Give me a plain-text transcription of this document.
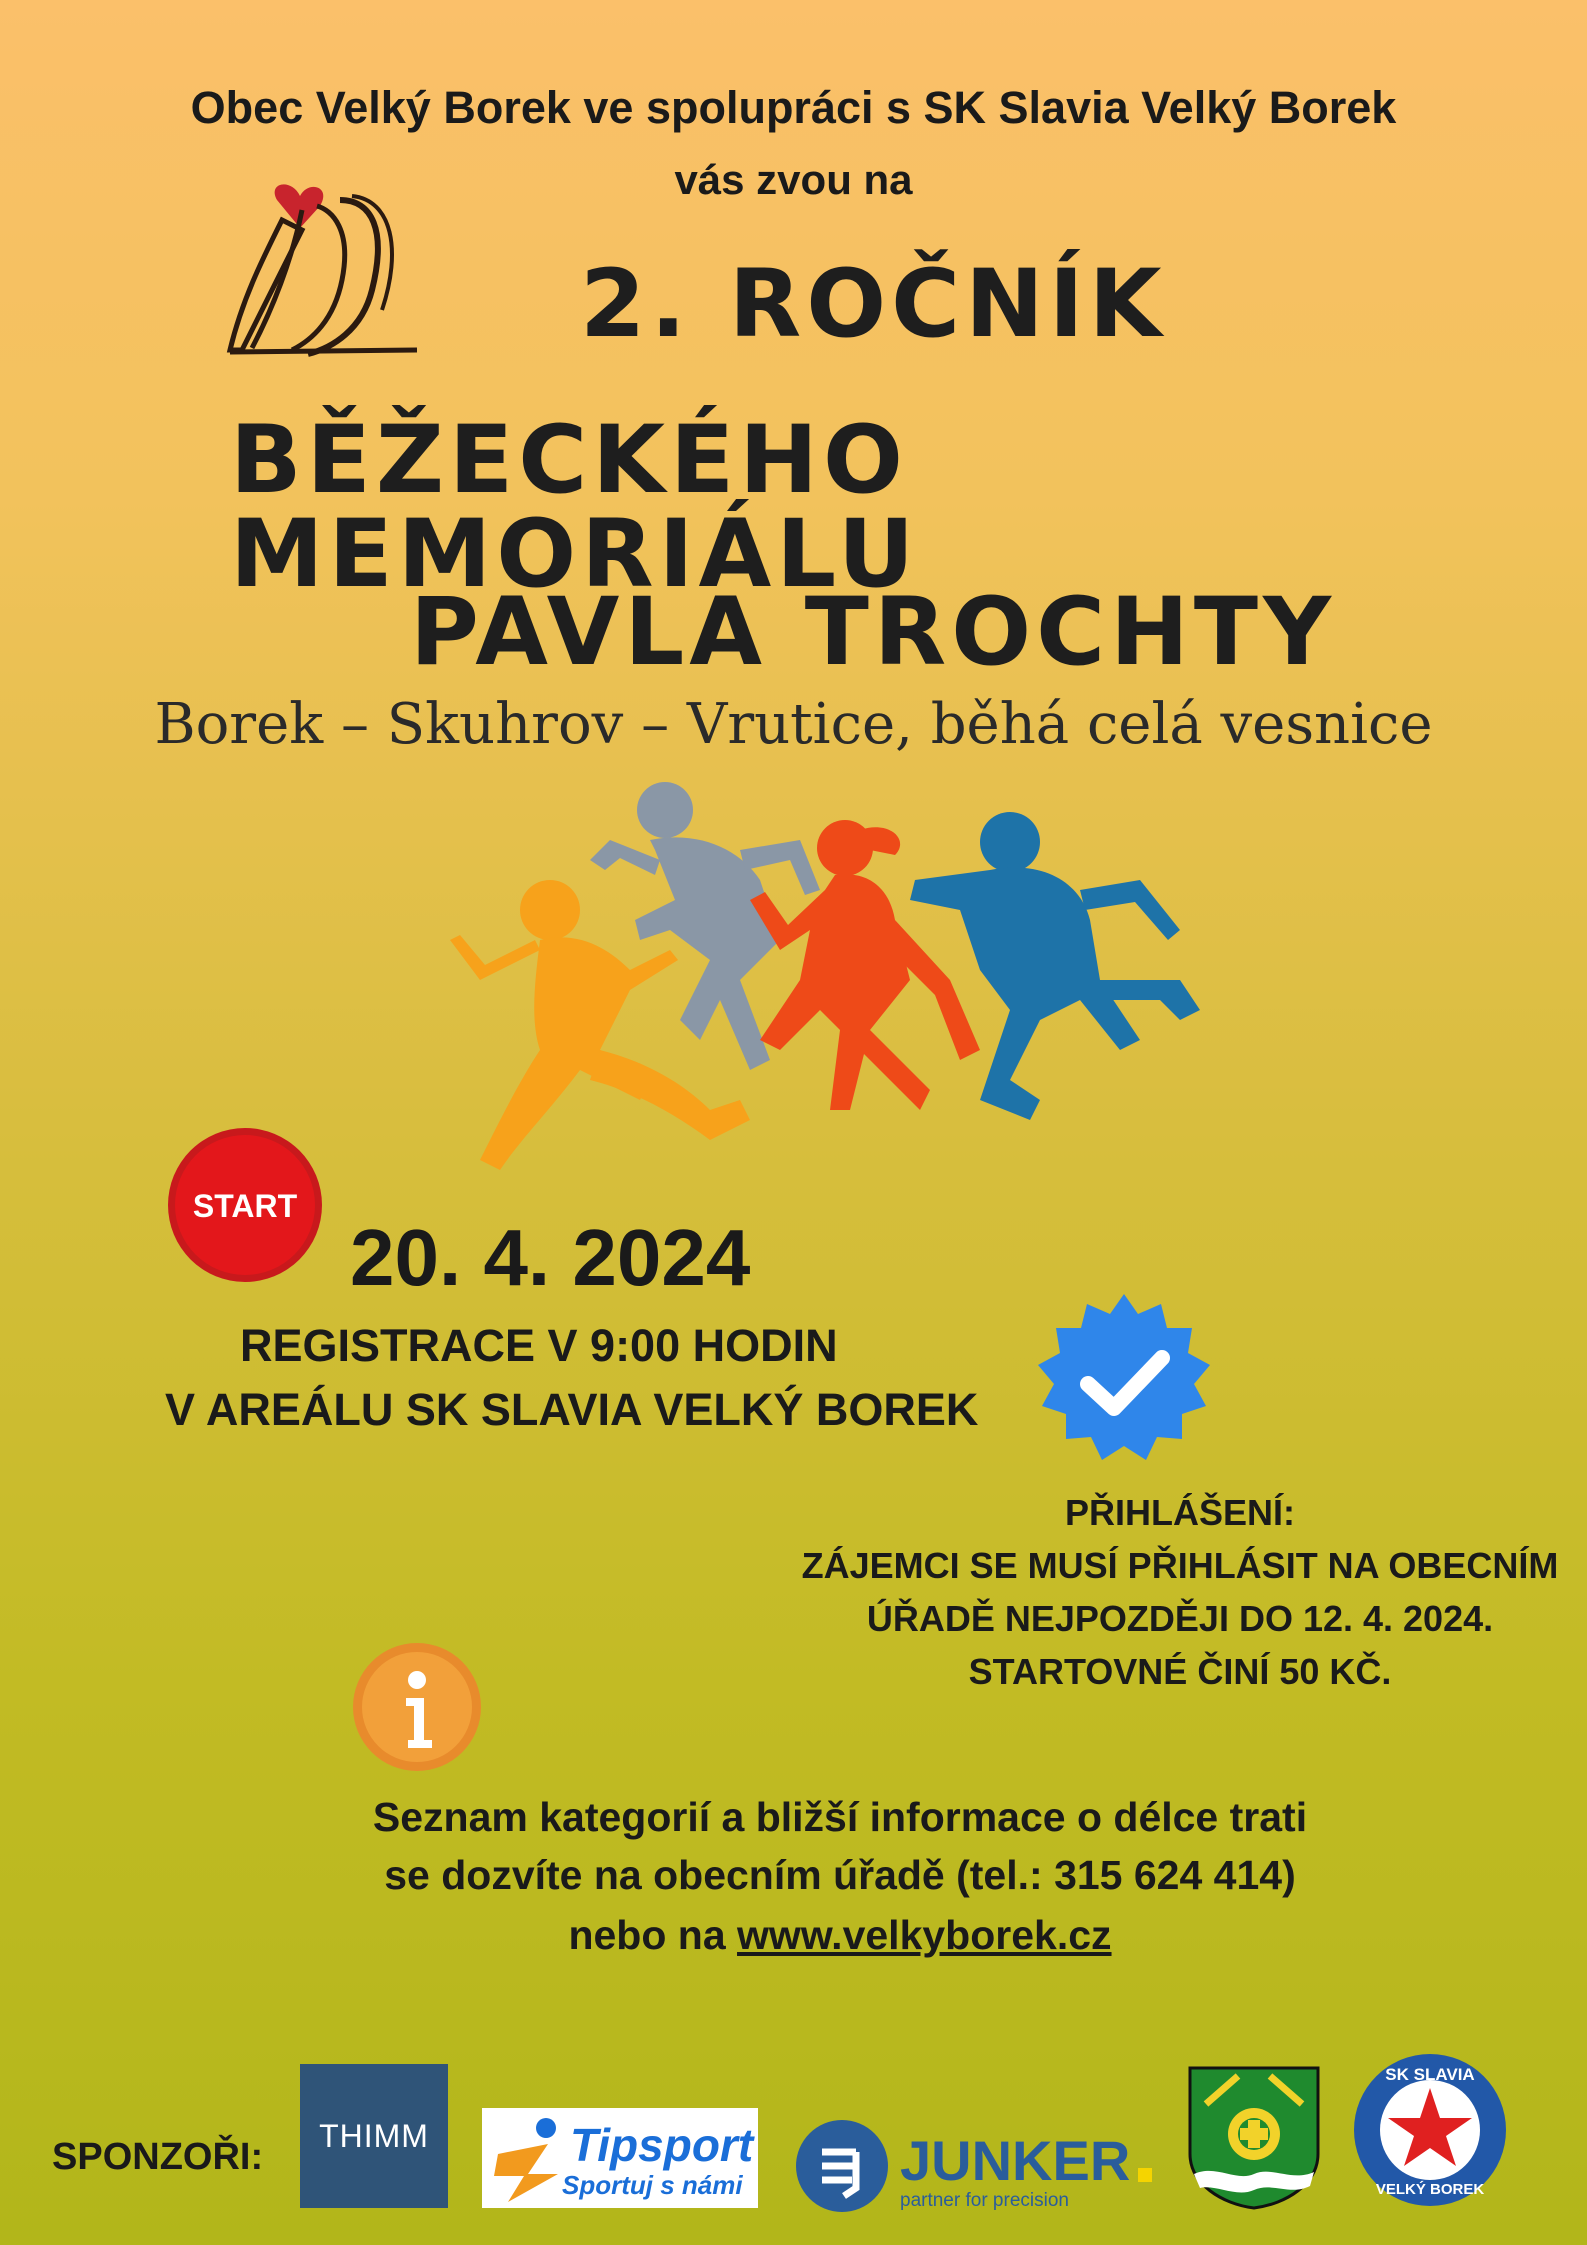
Obec Velký Borek ve spolupráci s SK Slavia Velký Borek
vás zvou na
2. ROČNÍK
BĚŽECKÉHO MEMORIÁLU
PAVLA TROCHTY
Borek – Skuhrov – Vrutice, běhá celá vesnice
START
20. 4. 2024
REGISTRACE V 9:00 HODIN
V AREÁLU SK SLAVIA VELKÝ BOREK
PŘIHLÁŠENÍ:
ZÁJEMCI SE MUSÍ PŘIHLÁSIT NA OBECNÍM
ÚŘADĚ NEJPOZDĚJI DO 12. 4. 2024.
STARTOVNÉ ČINÍ 50 KČ.
Seznam kategorií a bližší informace o délce trati
se dozvíte na obecním úřadě (tel.: 315 624 414)
nebo na www.velkyborek.cz
SPONZOŘI:	THIMM	Tipsport
Sportuj s námi	JUNKER
partner for precision
SK SLAVIA
VELKÝ BOREK
